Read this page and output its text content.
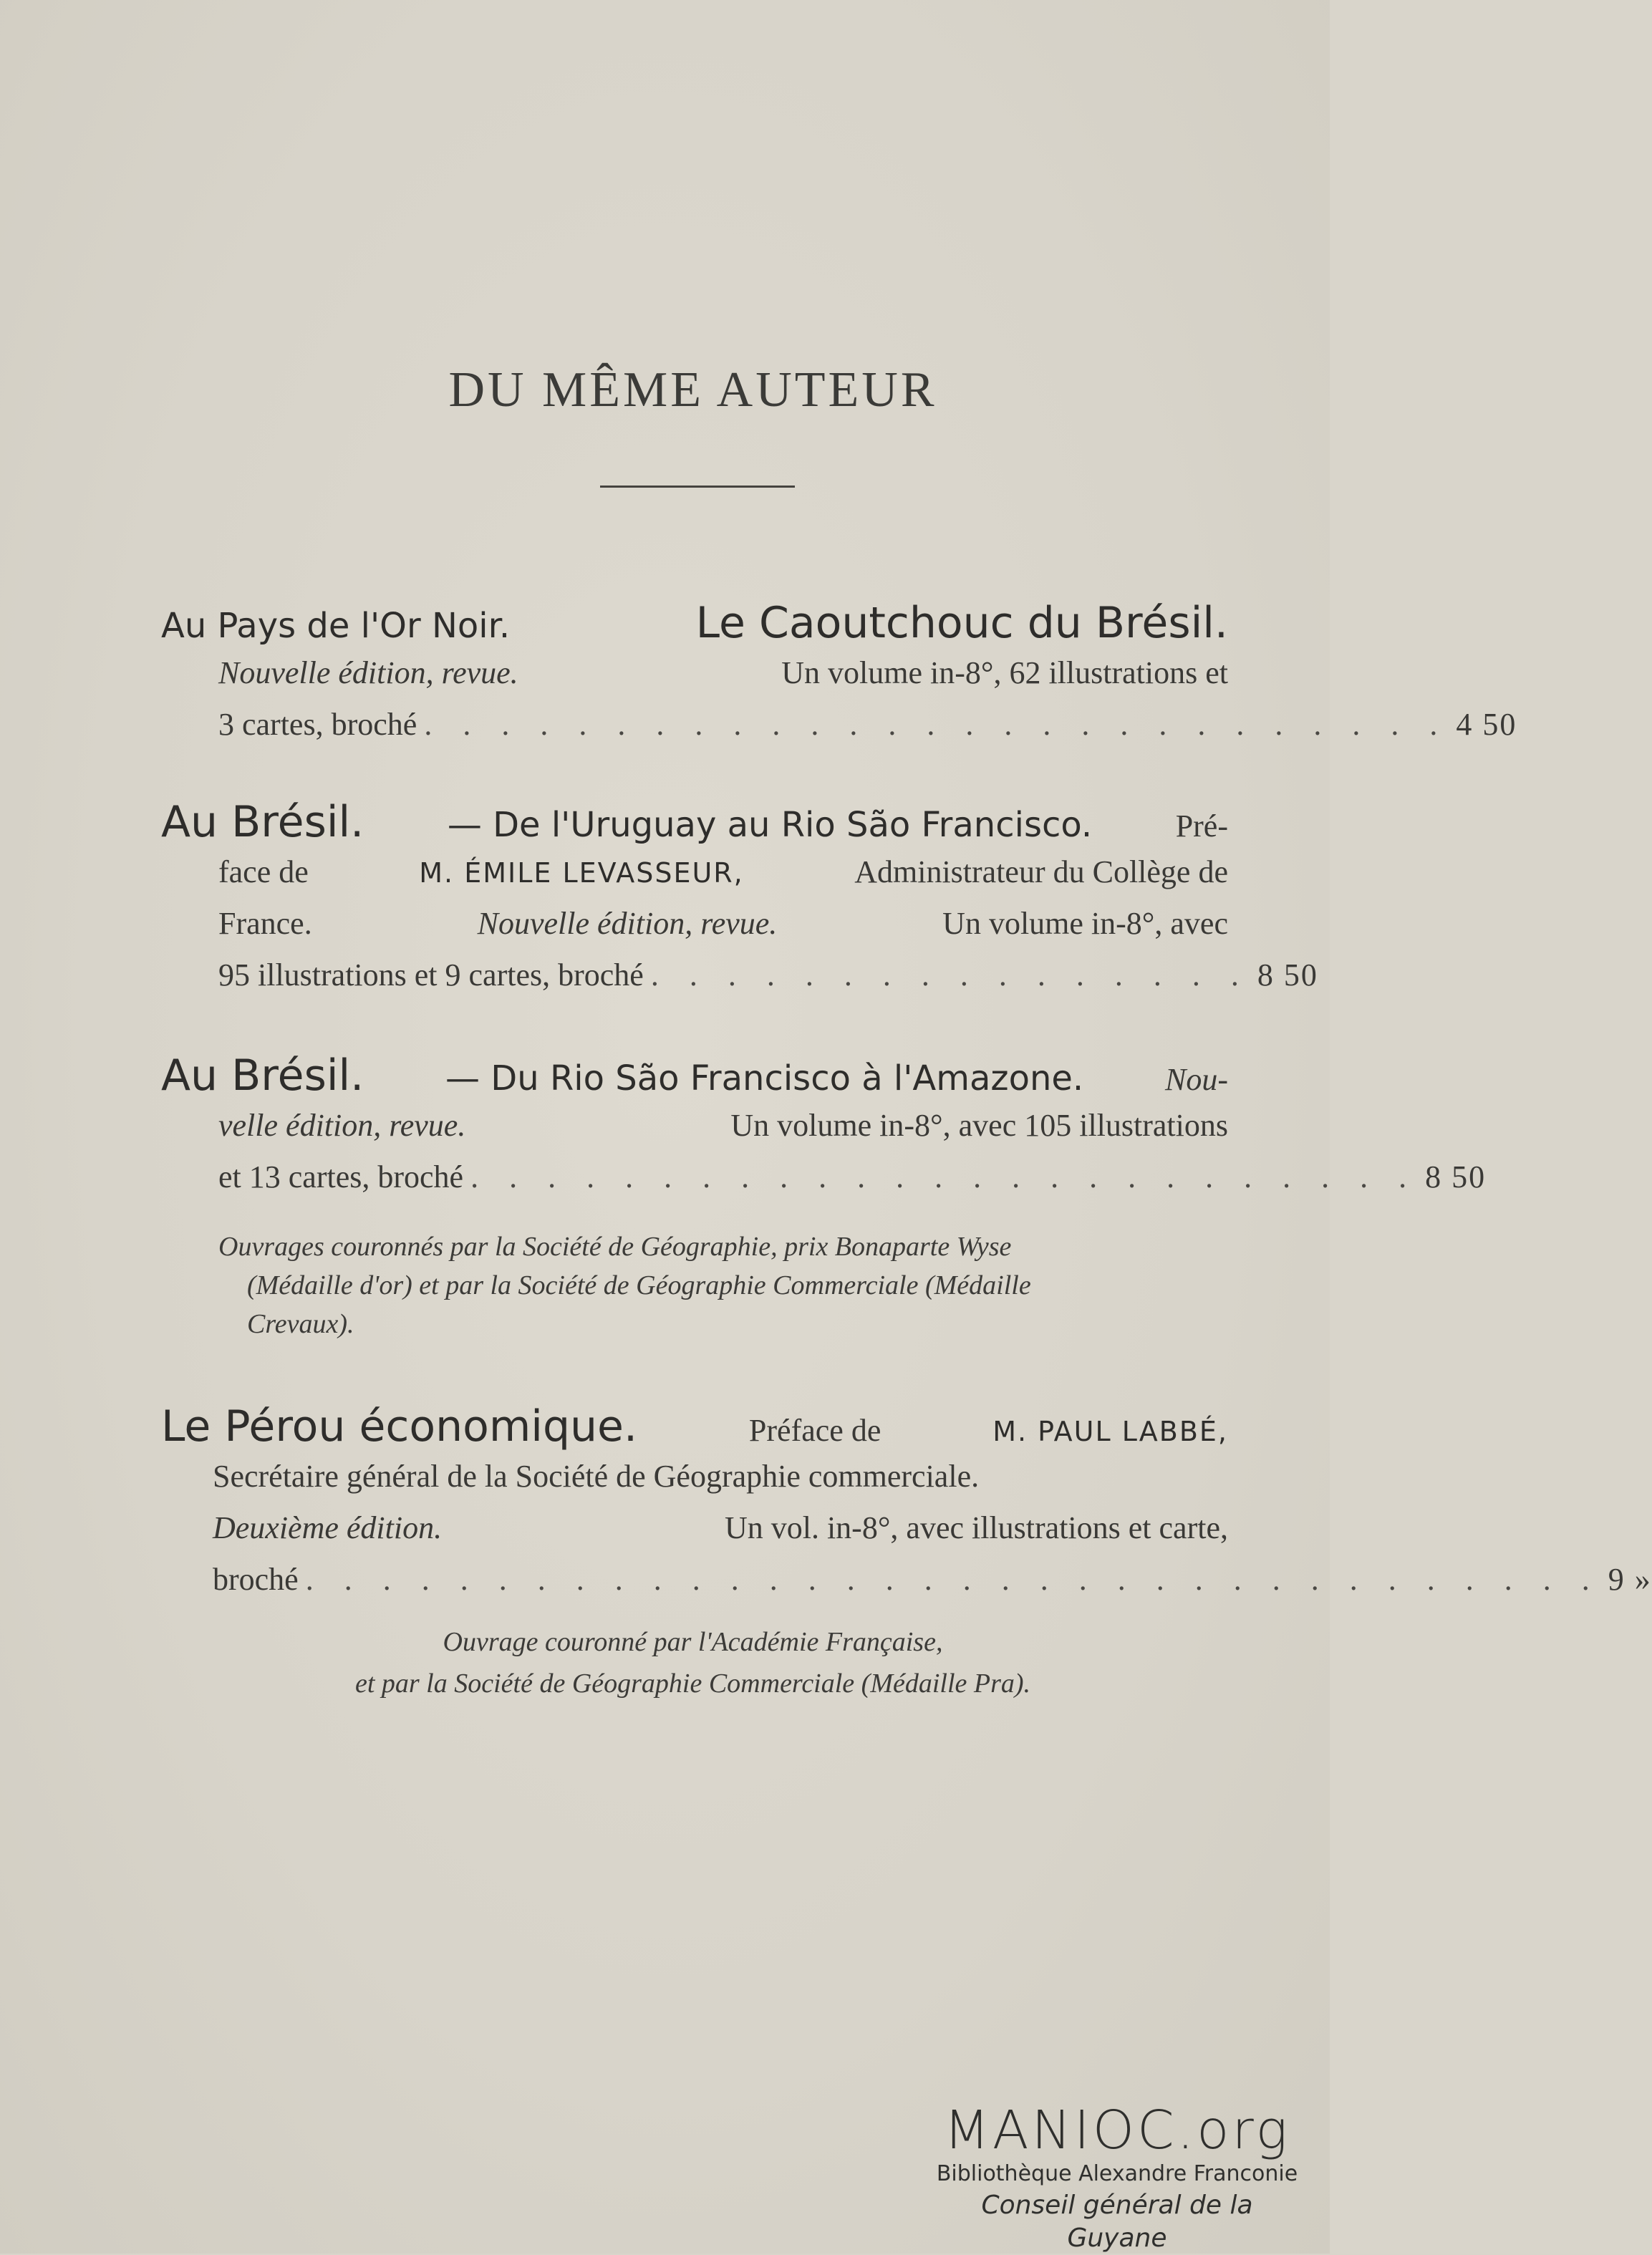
DU MÊME AUTEUR
Au Pays de l'Or Noir.	Le Caoutchouc du Brésil.
Nouvelle édition, revue.	Un volume in-8°, 62 illustrations et
3 cartes, broché . . . . . . . . . . . . . . . . . . . . . . . . . . . 4 50
Au Brésil. — De l'Uruguay au Rio São Francisco.	Pré-
face de	M. ÉMILE LEVASSEUR,	Administrateur du Collège de
France.	Nouvelle édition, revue.	Un volume in-8°, avec
95 illustrations et 9 cartes, broché . . . . . . . . . . . . . . . . 8 50
Au Brésil. — Du Rio São Francisco à l'Amazone.	Nou-
velle édition, revue.	Un volume in-8°, avec 105 illustrations
et 13 cartes, broché . . . . . . . . . . . . . . . . . . . . . . . . . 8 50
Ouvrages couronnés par la Société de Géographie, prix Bonaparte Wyse
(Médaille d'or) et par la Société de Géographie Commerciale (Médaille
Crevaux).
Le Pérou économique.	Préface de	M. PAUL LABBÉ,
Secrétaire général de la Société de Géographie commerciale.
Deuxième édition.	Un vol. in-8°, avec illustrations et carte,
broché . . . . . . . . . . . . . . . . . . . . . . . . . . . . . . . . . . 9 »
Ouvrage couronné par l'Académie Française,
et par la Société de Géographie Commerciale (Médaille Pra).
MANIOC.org
Bibliothèque Alexandre Franconie
Conseil général de la Guyane
